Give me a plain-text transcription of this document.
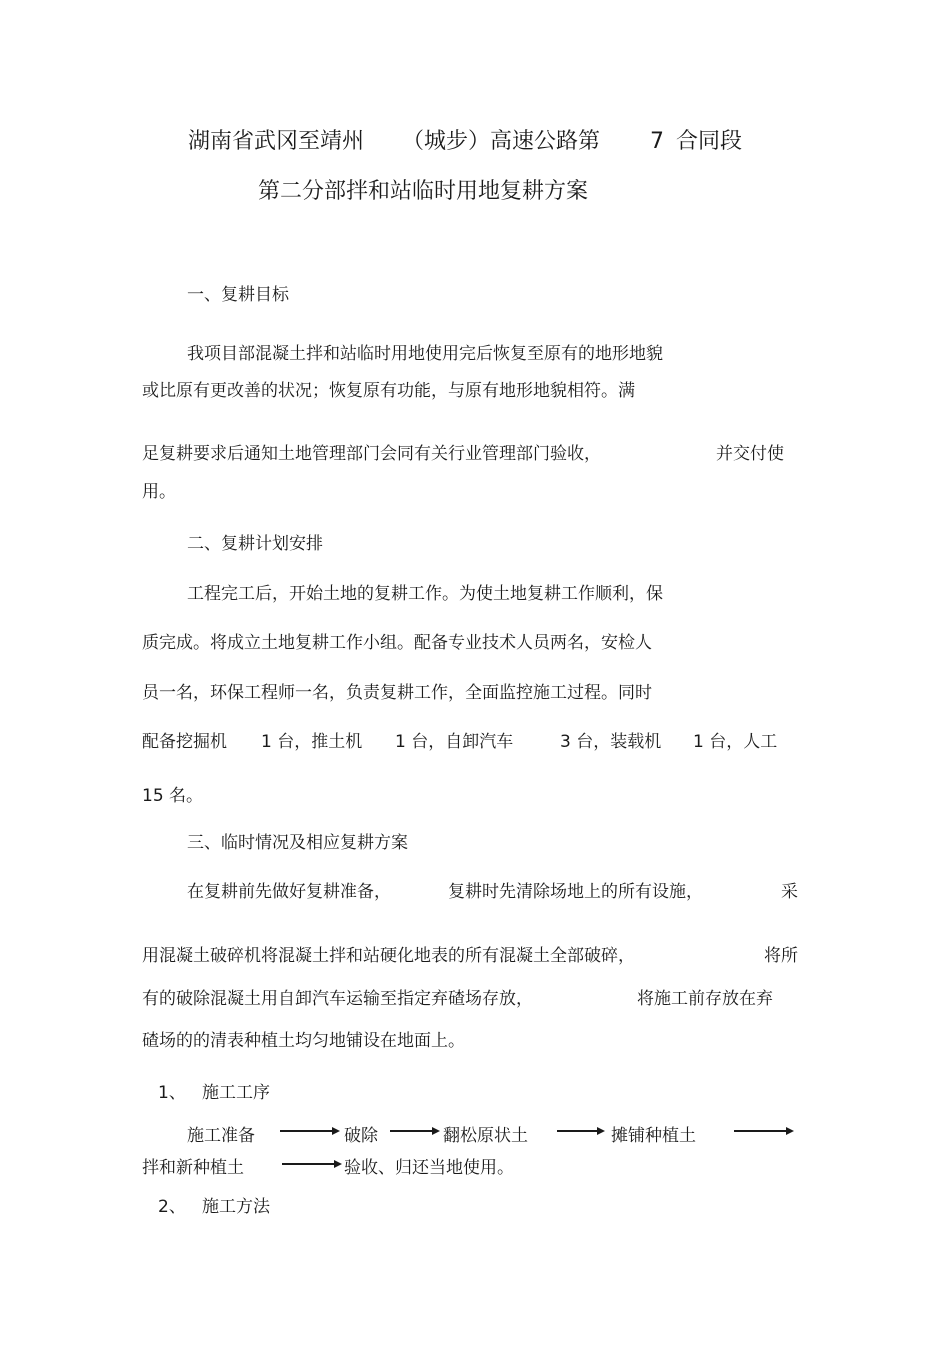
湖南省武冈至靖州 （城步）高速公路第 7 合同段
第二分部拌和站临时用地复耕方案
一、复耕目标
我项目部混凝土拌和站临时用地使用完后恢复至原有的地形地貌
或比原有更改善的状况；恢复原有功能，与原有地形地貌相符。满
足复耕要求后通知土地管理部门会同有关行业管理部门验收，	并交付使
用。
二、复耕计划安排
工程完工后，开始土地的复耕工作。为使土地复耕工作顺利，保
质完成。将成立土地复耕工作小组。配备专业技术人员两名，安检人
员一名，环保工程师一名，负责复耕工作，全面监控施工过程。同时
配备挖掘机 1 台，推土机 1 台，自卸汽车	3 台，装载机 1 台，人工
15 名。
三、临时情况及相应复耕方案
在复耕前先做好复耕准备，	复耕时先清除场地上的所有设施，	采
用混凝土破碎机将混凝土拌和站硬化地表的所有混凝土全部破碎，	将所
有的破除混凝土用自卸汽车运输至指定弃碴场存放，	将施工前存放在弃
碴场的的清表种植土均匀地铺设在地面上。
1、 施工工序
施工准备	破除	翻松原状土	摊铺种植土
拌和新种植土	验收、归还当地使用。
2、 施工方法
